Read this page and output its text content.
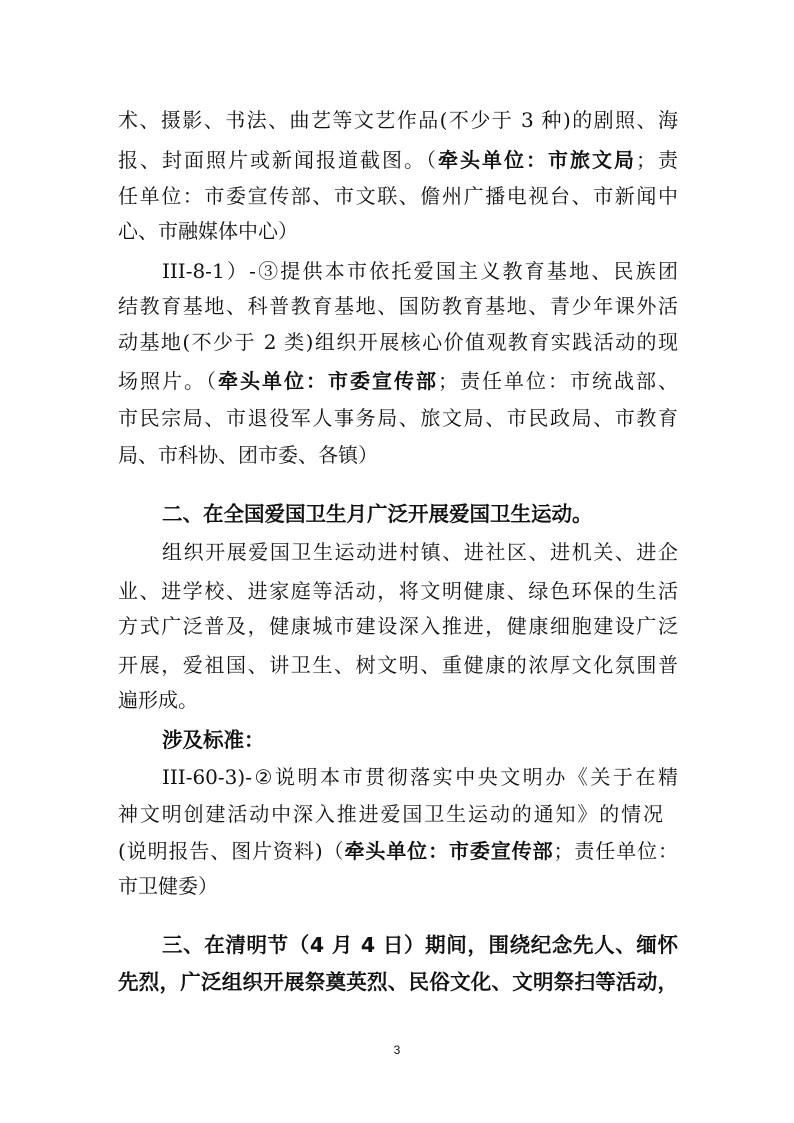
术、摄影、书法、曲艺等文艺作品(不少于 3 种)的剧照、海
报、封面照片或新闻报道截图。（牵头单位：市旅文局；责
任单位：市委宣传部、市文联、儋州广播电视台、市新闻中
心、市融媒体中心）
III-8-1）-③提供本市依托爱国主义教育基地、民族团
结教育基地、科普教育基地、国防教育基地、青少年课外活
动基地(不少于 2 类)组织开展核心价值观教育实践活动的现
场照片。（牵头单位：市委宣传部；责任单位：市统战部、
市民宗局、市退役军人事务局、旅文局、市民政局、市教育
局、市科协、团市委、各镇）
二、在全国爱国卫生月广泛开展爱国卫生运动。
组织开展爱国卫生运动进村镇、进社区、进机关、进企
业、进学校、进家庭等活动，将文明健康、绿色环保的生活
方式广泛普及，健康城市建设深入推进，健康细胞建设广泛
开展，爱祖国、讲卫生、树文明、重健康的浓厚文化氛围普
遍形成。
涉及标准：
III-60-3)-②说明本市贯彻落实中央文明办《关于在精
神文明创建活动中深入推进爱国卫生运动的通知》的情况
(说明报告、图片资料)（牵头单位：市委宣传部；责任单位：
市卫健委）
三、在清明节（4 月 4 日）期间，围绕纪念先人、缅怀
先烈，广泛组织开展祭奠英烈、民俗文化、文明祭扫等活动，
3
